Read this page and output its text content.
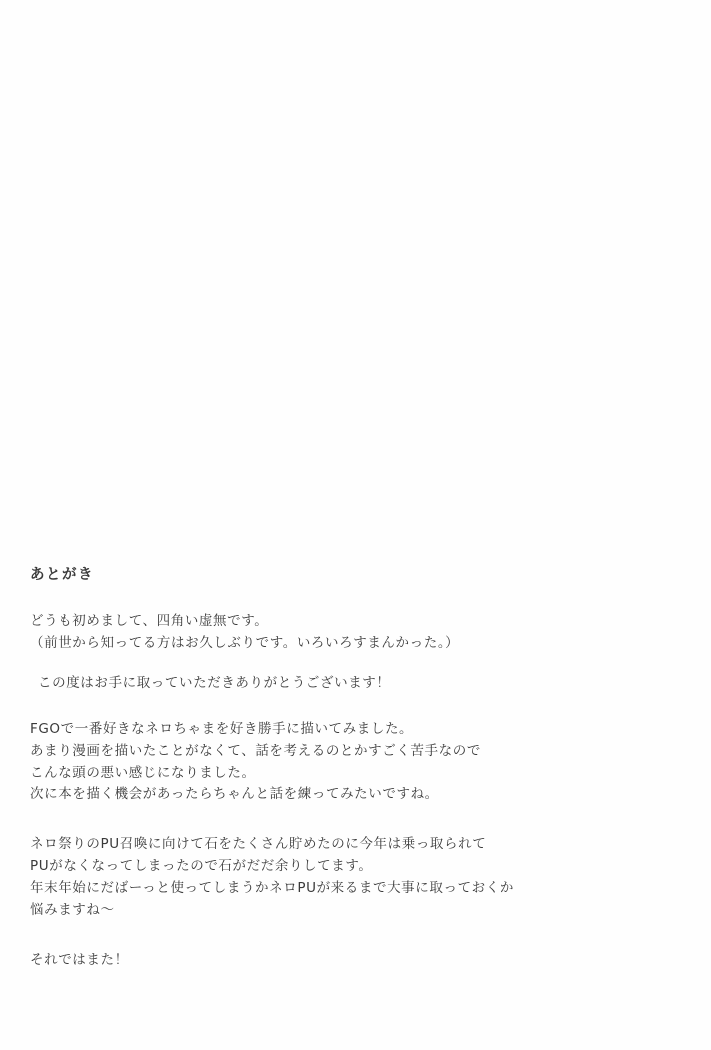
あとがき
どうも初めまして、四角い虚無です。
（前世から知ってる方はお久しぶりです。いろいろすまんかった。）
この度はお手に取っていただきありがとうございます！
FGOで一番好きなネロちゃまを好き勝手に描いてみました。
あまり漫画を描いたことがなくて、話を考えるのとかすごく苦手なので
こんな頭の悪い感じになりました。
次に本を描く機会があったらちゃんと話を練ってみたいですね。
ネロ祭りのPU召喚に向けて石をたくさん貯めたのに今年は乗っ取られて
PUがなくなってしまったので石がだだ余りしてます。
年末年始にだばーっと使ってしまうかネロPUが来るまで大事に取っておくか
悩みますね〜
それではまた！
